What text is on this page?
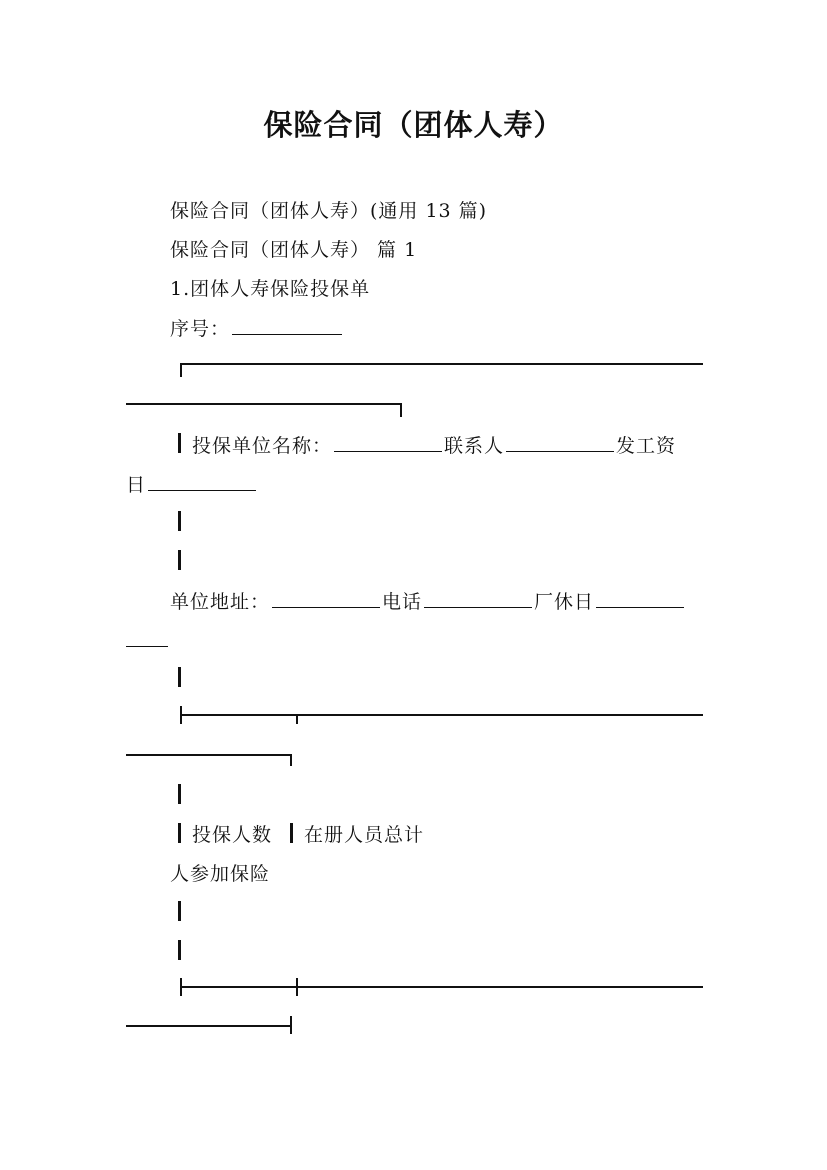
保险合同（团体人寿）
保险合同（团体人寿）(通用 13 篇)
保险合同（团体人寿） 篇 1
1.团体人寿保险投保单
序号：
投保单位名称：	联系人	发工资
日
单位地址：	电话	厂休日
投保人数 在册人员总计
人参加保险
